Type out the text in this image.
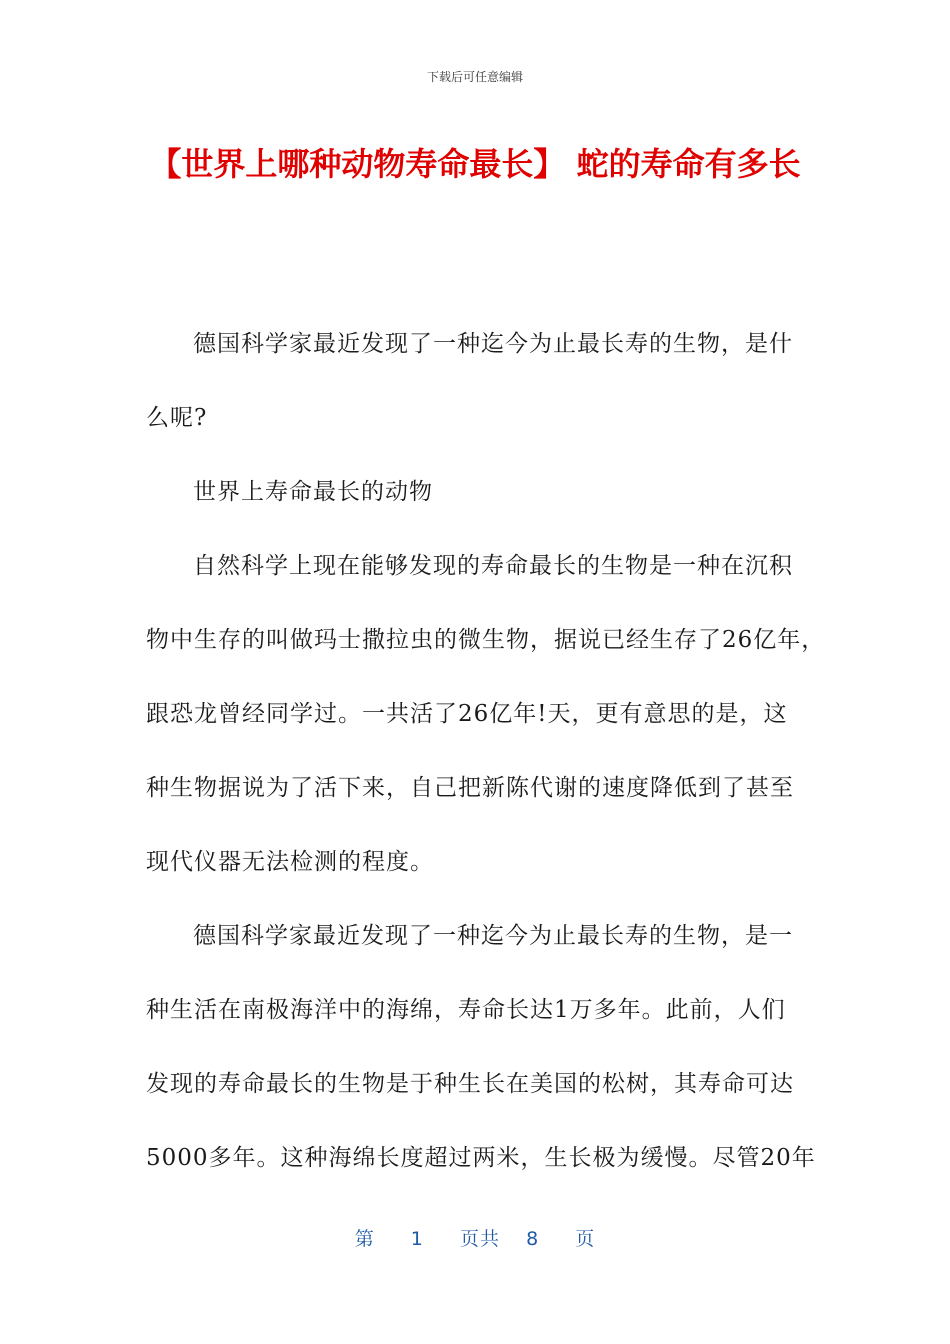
下载后可任意编辑
【世界上哪种动物寿命最长】 蛇的寿命有多长
德国科学家最近发现了一种迄今为止最长寿的生物，是什
么呢?
世界上寿命最长的动物
自然科学上现在能够发现的寿命最长的生物是一种在沉积
物中生存的叫做玛士撒拉虫的微生物，据说已经生存了26亿年，
跟恐龙曾经同学过。一共活了26亿年!天，更有意思的是，这
种生物据说为了活下来，自己把新陈代谢的速度降低到了甚至
现代仪器无法检测的程度。
德国科学家最近发现了一种迄今为止最长寿的生物，是一
种生活在南极海洋中的海绵，寿命长达1万多年。此前，人们
发现的寿命最长的生物是于种生长在美国的松树，其寿命可达
5000多年。这种海绵长度超过两米，生长极为缓慢。尽管20年
第 1 页共 8 页
